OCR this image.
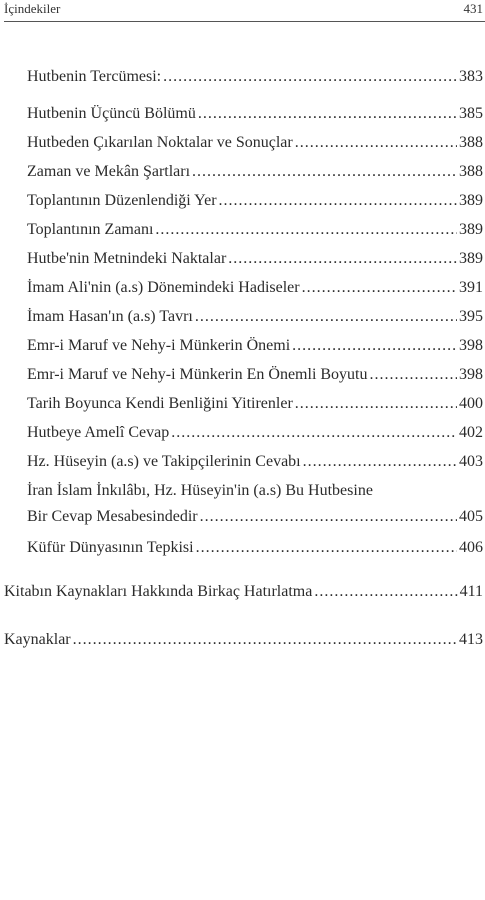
İçindekiler	431
Hutbenin Tercümesi: .....	383
Hutbenin Üçüncü Bölümü .....	385
Hutbeden Çıkarılan Noktalar ve Sonuçlar .....	388
Zaman ve Mekân Şartları .....	388
Toplantının Düzenlendiği Yer .....	389
Toplantının Zamanı .....	389
Hutbe'nin Metnindeki Naktalar .....	389
İmam Ali'nin (a.s) Dönemindeki Hadiseler .....	391
İmam Hasan'ın (a.s) Tavrı .....	395
Emr-i Maruf ve Nehy-i Münkerin Önemi .....	398
Emr-i Maruf ve Nehy-i Münkerin En Önemli Boyutu .....	398
Tarih Boyunca Kendi Benliğini Yitirenler .....	400
Hutbeye Amelî Cevap .....	402
Hz. Hüseyin (a.s) ve Takipçilerinin Cevabı .....	403
İran İslam İnkılâbı, Hz. Hüseyin'in (a.s) Bu Hutbesine
Bir Cevap Mesabesindedir .....	405
Küfür Dünyasının Tepkisi .....	406
Kitabın Kaynakları Hakkında Birkaç Hatırlatma .....	411
Kaynaklar .....	413
